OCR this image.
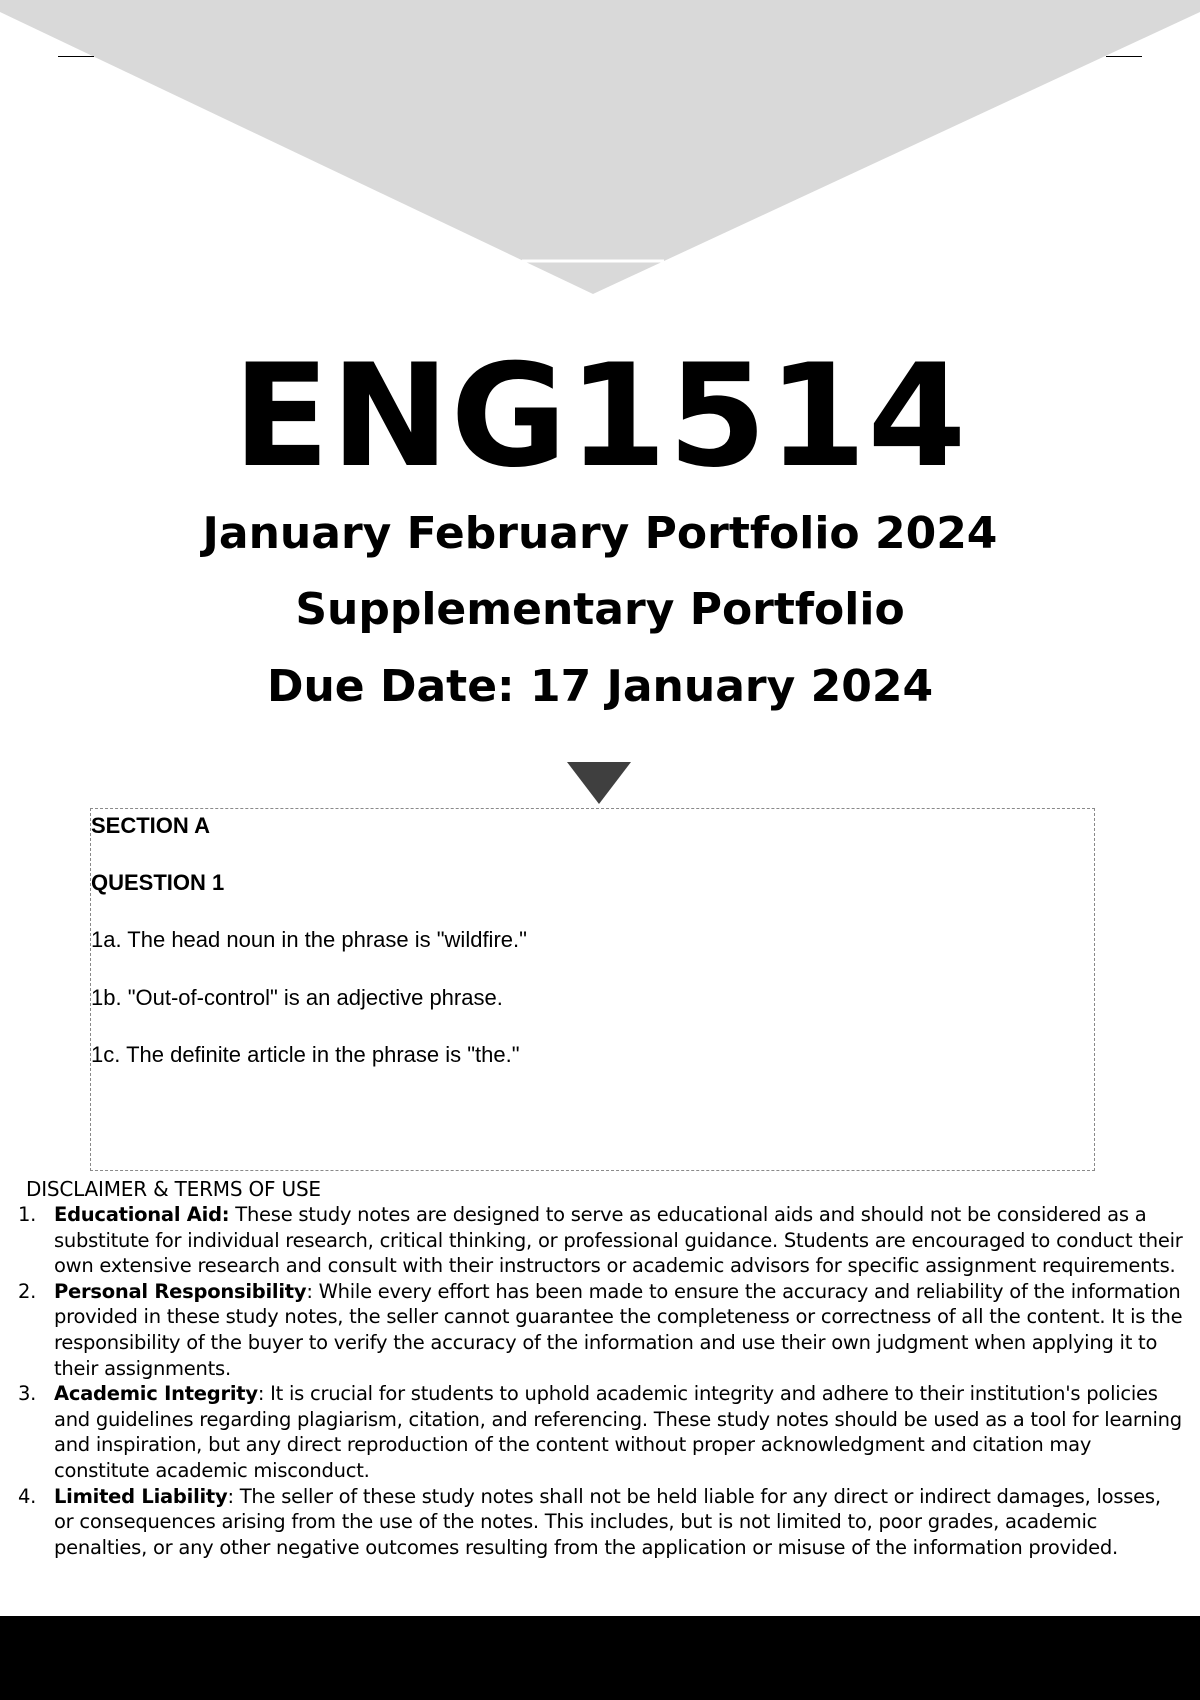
ENG1514
January February Portfolio 2024
Supplementary Portfolio
Due Date: 17 January 2024
SECTION A
QUESTION 1
1a. The head noun in the phrase is "wildfire."
1b. "Out-of-control" is an adjective phrase.
1c. The definite article in the phrase is "the."
DISCLAIMER & TERMS OF USE
1. Educational Aid: These study notes are designed to serve as educational aids and should not be considered as a substitute for individual research, critical thinking, or professional guidance. Students are encouraged to conduct their own extensive research and consult with their instructors or academic advisors for specific assignment requirements.
2. Personal Responsibility: While every effort has been made to ensure the accuracy and reliability of the information provided in these study notes, the seller cannot guarantee the completeness or correctness of all the content. It is the responsibility of the buyer to verify the accuracy of the information and use their own judgment when applying it to their assignments.
3. Academic Integrity: It is crucial for students to uphold academic integrity and adhere to their institution's policies and guidelines regarding plagiarism, citation, and referencing. These study notes should be used as a tool for learning and inspiration, but any direct reproduction of the content without proper acknowledgment and citation may constitute academic misconduct.
4. Limited Liability: The seller of these study notes shall not be held liable for any direct or indirect damages, losses, or consequences arising from the use of the notes. This includes, but is not limited to, poor grades, academic penalties, or any other negative outcomes resulting from the application or misuse of the information provided.
